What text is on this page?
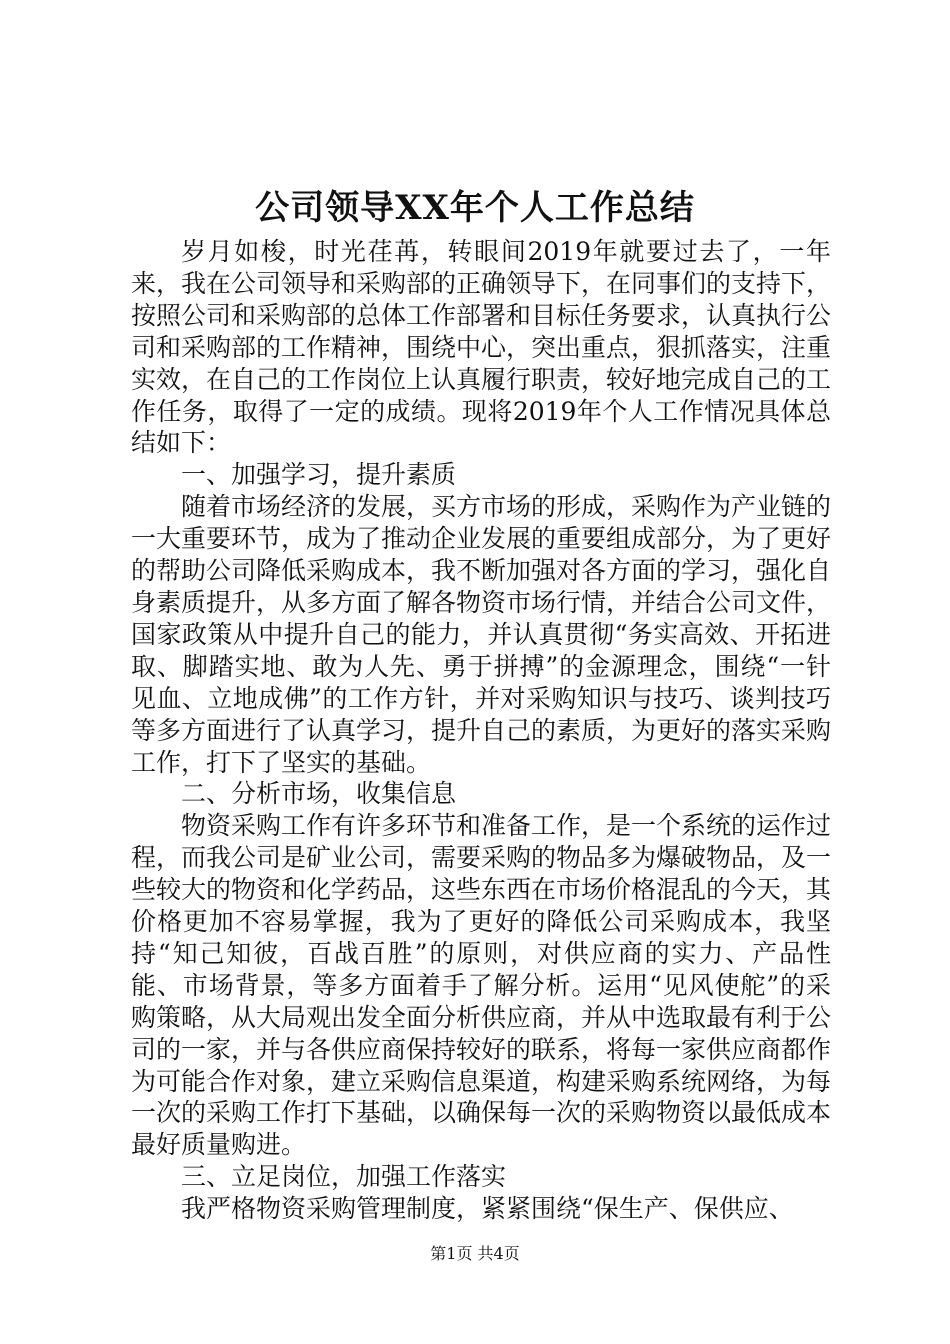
公司领导XX年个人工作总结

岁月如梭，时光荏苒，转眼间2019年就要过去了，一年来，我在公司领导和采购部的正确领导下，在同事们的支持下，按照公司和采购部的总体工作部署和目标任务要求，认真执行公司和采购部的工作精神，围绕中心，突出重点，狠抓落实，注重实效，在自己的工作岗位上认真履行职责，较好地完成自己的工作任务，取得了一定的成绩。现将2019年个人工作情况具体总结如下：

一、加强学习，提升素质

随着市场经济的发展，买方市场的形成，采购作为产业链的一大重要环节，成为了推动企业发展的重要组成部分，为了更好的帮助公司降低采购成本，我不断加强对各方面的学习，强化自身素质提升，从多方面了解各物资市场行情，并结合公司文件，国家政策从中提升自己的能力，并认真贯彻“务实高效、开拓进取、脚踏实地、敢为人先、勇于拼搏”的金源理念，围绕“一针见血、立地成佛”的工作方针，并对采购知识与技巧、谈判技巧等多方面进行了认真学习，提升自己的素质，为更好的落实采购工作，打下了坚实的基础。

二、分析市场，收集信息

物资采购工作有许多环节和准备工作，是一个系统的运作过程，而我公司是矿业公司，需要采购的物品多为爆破物品，及一些较大的物资和化学药品，这些东西在市场价格混乱的今天，其价格更加不容易掌握，我为了更好的降低公司采购成本，我坚持“知己知彼，百战百胜”的原则，对供应商的实力、产品性能、市场背景，等多方面着手了解分析。运用“见风使舵”的采购策略，从大局观出发全面分析供应商，并从中选取最有利于公司的一家，并与各供应商保持较好的联系，将每一家供应商都作为可能合作对象，建立采购信息渠道，构建采购系统网络，为每一次的采购工作打下基础，以确保每一次的采购物资以最低成本最好质量购进。

三、立足岗位，加强工作落实

我严格物资采购管理制度，紧紧围绕“保生产、保供应、

第1页 共4页
